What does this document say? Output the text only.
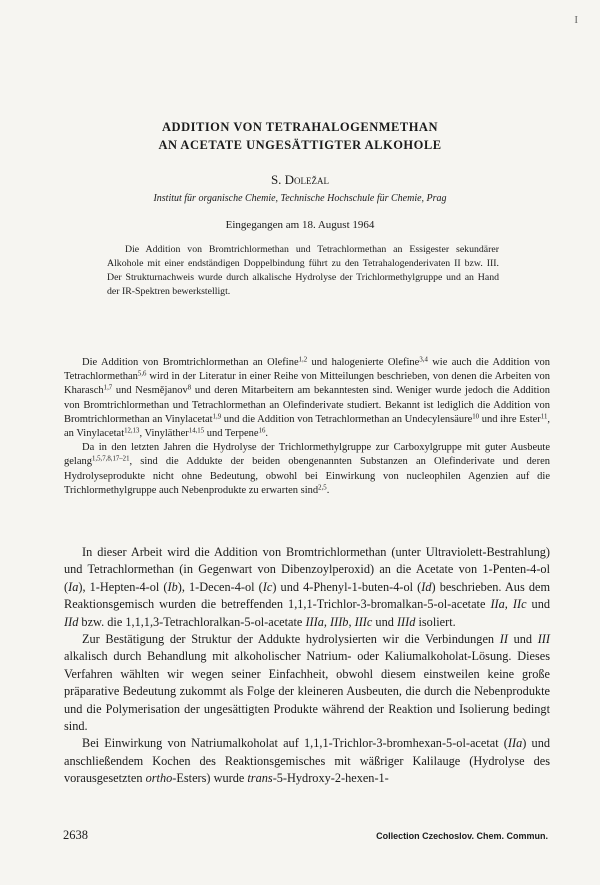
I
ADDITION VON TETRAHALOGENMETHAN
AN ACETATE UNGESÄTTIGTER ALKOHOLE
S. Doležal
Institut für organische Chemie, Technische Hochschule für Chemie, Prag
Eingegangen am 18. August 1964

Die Addition von Bromtrichlormethan und Tetrachlormethan an Essigester sekundärer Alkohole mit einer endständigen Doppelbindung führt zu den Tetrahalogenderivaten II bzw. III. Der Strukturnachweis wurde durch alkalische Hydrolyse der Trichlormethylgruppe und an Hand der IR-Spektren bewerkstelligt.

Die Addition von Bromtrichlormethan an Olefine$^{1,2}$ und halogenierte Olefine$^{3,4}$ wie auch die Addition von Tetrachlormethan$^{5,6}$ wird in der Literatur in einer Reihe von Mitteilungen beschrieben, von denen die Arbeiten von Kharasch$^{1,7}$ und Nesmějanov$^8$ und deren Mitarbeitern am bekanntesten sind. Weniger wurde jedoch die Addition von Bromtrichlormethan und Tetrachlormethan an Olefinderivate studiert. Bekannt ist lediglich die Addition von Bromtrichlormethan an Vinylacetat$^{1,9}$ und die Addition von Tetrachlormethan an Undecylensäure$^{10}$ und ihre Ester$^{11}$, an Vinylacetat$^{12,13}$, Vinyläther$^{14,15}$ und Terpene$^{16}$.

Da in den letzten Jahren die Hydrolyse der Trichlormethylgruppe zur Carboxylgruppe mit guter Ausbeute gelang$^{1,5,7,8,17-21}$, sind die Addukte der beiden obengenannten Substanzen an Olefinderivate und deren Hydrolyseprodukte nicht ohne Bedeutung, obwohl bei Einwirkung von nucleophilen Agenzien auf die Trichlormethylgruppe auch Nebenprodukte zu erwarten sind$^{2,5}$.

In dieser Arbeit wird die Addition von Bromtrichlormethan (unter Ultraviolett-Bestrahlung) und Tetrachlormethan (in Gegenwart von Dibenzoylperoxid) an die Acetate von 1-Penten-4-ol (Ia), 1-Hepten-4-ol (Ib), 1-Decen-4-ol (Ic) und 4-Phenyl-1-buten-4-ol (Id) beschrieben. Aus dem Reaktionsgemisch wurden die betreffenden 1,1,1-Trichlor-3-bromalkan-5-ol-acetate IIa, IIc und IId bzw. die 1,1,1,3-Tetrachloralkan-5-ol-acetate IIIa, IIIb, IIIc und IIId isoliert.

Zur Bestätigung der Struktur der Addukte hydrolysierten wir die Verbindungen II und III alkalisch durch Behandlung mit alkoholischer Natrium- oder Kaliumalkoholat-Lösung. Dieses Verfahren wählten wir wegen seiner Einfachheit, obwohl diesem einstweilen keine große präparative Bedeutung zukommt als Folge der kleineren Ausbeuten, die durch die Nebenprodukte und die Polymerisation der ungesättigten Produkte während der Reaktion und Isolierung bedingt sind.

Bei Einwirkung von Natriumalkoholat auf 1,1,1-Trichlor-3-bromhexan-5-ol-acetat (IIa) und anschließendem Kochen des Reaktionsgemisches mit wäßriger Kalilauge (Hydrolyse des vorausgesetzten ortho-Esters) wurde trans-5-Hydroxy-2-hexen-1-

2638	Collection Czechoslov. Chem. Commun.
